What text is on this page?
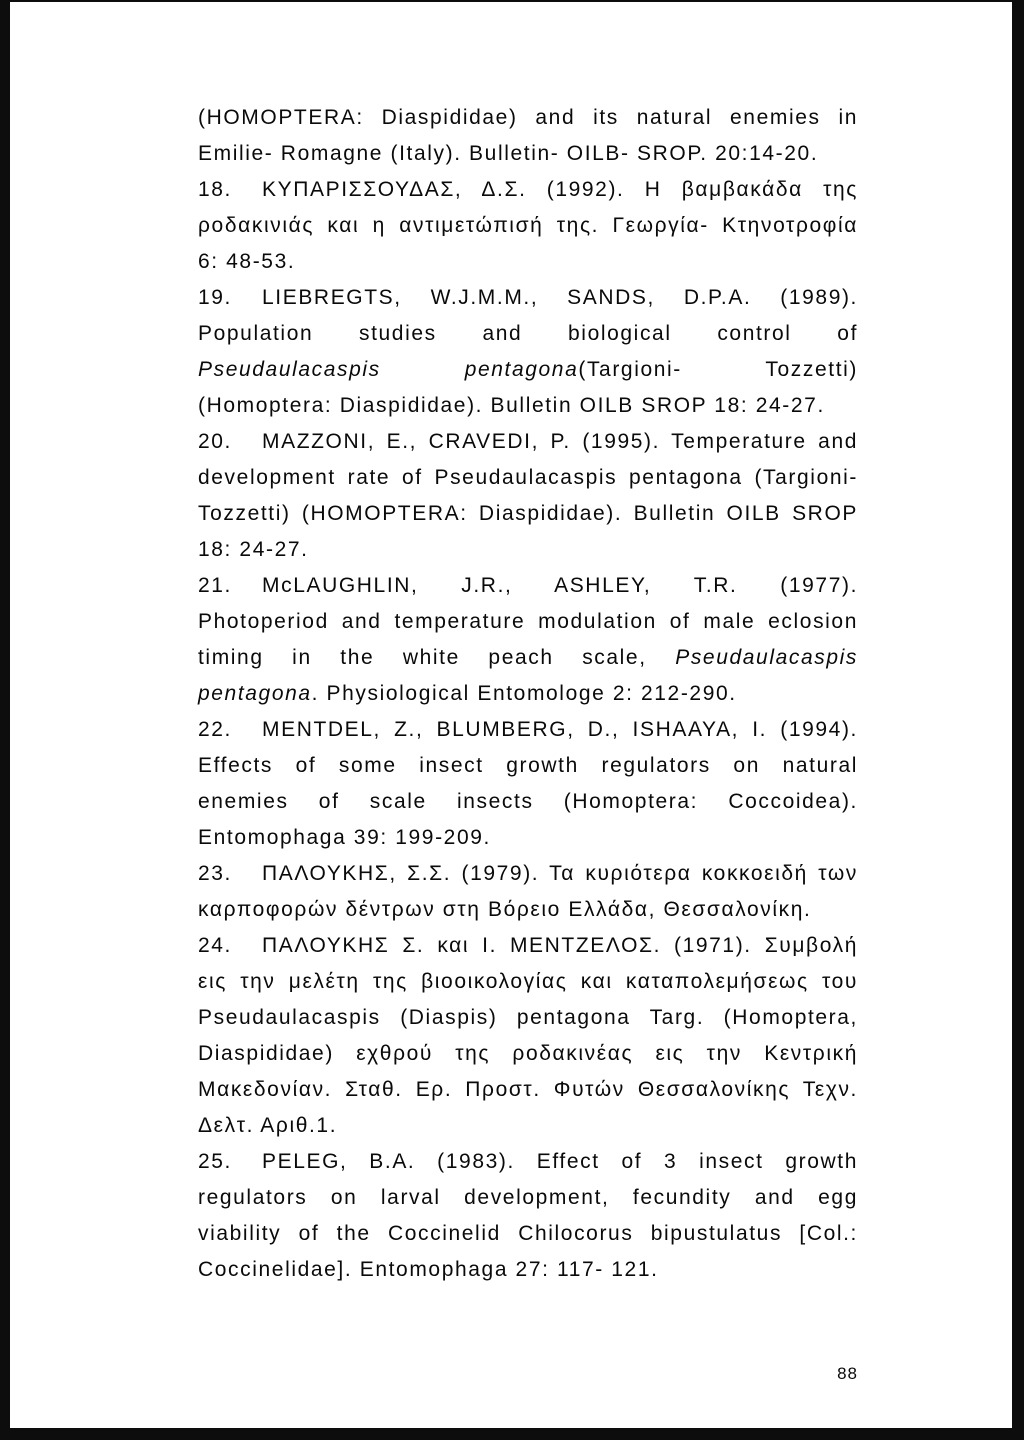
(HOMOPTERA: Diaspididae) and its natural enemies in
Emilie- Romagne (Italy). Bulletin- OILB- SROP. 20:14-20.
18.	ΚΥΠΑΡΙΣΣΟΥΔΑΣ, Δ.Σ. (1992). Η βαμβακάδα της
ροδακινιάς και η αντιμετώπισή της. Γεωργία- Κτηνοτροφία
6: 48-53.
19.	LIEBREGTS, W.J.M.M., SANDS, D.P.A. (1989).
Population studies and biological control of
Pseudaulacaspis	pentagona(Targioni- Tozzetti)
(Homoptera: Diaspididae). Bulletin OILB SROP 18: 24-27.
20.	MAZZONI, E., CRAVEDI, P. (1995). Temperature and
development rate of Pseudaulacaspis pentagona (Targioni-
Tozzetti) (HOMOPTERA: Diaspididae). Bulletin OILB SROP
18: 24-27.
21.	McLAUGHLIN, J.R., ASHLEY, T.R. (1977).
Photoperiod and temperature modulation of male eclosion
timing in the white peach scale, Pseudaulacaspis
pentagona. Physiological Entomologe 2: 212-290.
22.	MENTDEL, Z., BLUMBERG, D., ISHAAYA, I. (1994).
Effects of some insect growth regulators on natural
enemies of scale insects (Homoptera: Coccoidea).
Entomophaga 39: 199-209.
23.	ΠΑΛΟΥΚΗΣ, Σ.Σ. (1979). Τα κυριότερα κοκκοειδή των
καρποφορών δέντρων στη Βόρειο Ελλάδα, Θεσσαλονίκη.
24.	ΠΑΛΟΥΚΗΣ Σ. και Ι. ΜΕΝΤΖΕΛΟΣ. (1971). Συμβολή
εις την μελέτη της βιοοικολογίας και καταπολεμήσεως του
Pseudaulacaspis (Diaspis) pentagona Targ. (Homoptera,
Diaspididae) εχθρού της ροδακινέας εις την Κεντρική
Μακεδονίαν. Σταθ. Ερ. Προστ. Φυτών Θεσσαλονίκης Τεχν.
Δελτ. Αριθ.1.
25.	PELEG, B.A. (1983). Effect of 3 insect growth
regulators on larval development, fecundity and egg
viability of the Coccinelid Chilocorus bipustulatus [Col.:
Coccinelidae]. Entomophaga 27: 117- 121.
88
